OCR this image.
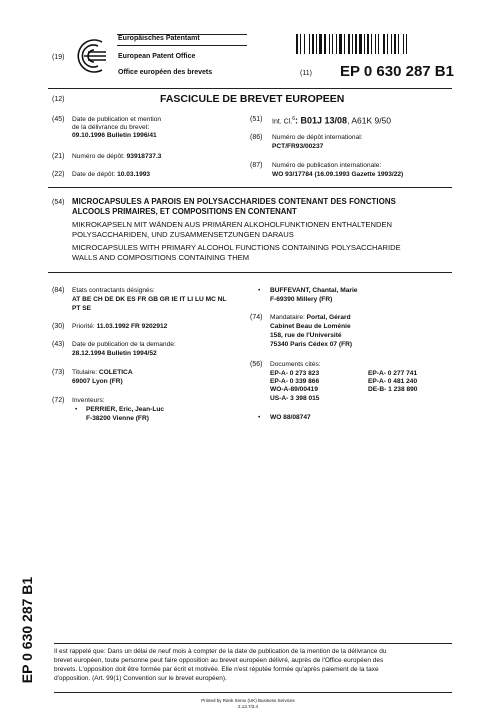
(19)
Europäisches Patentamt
European Patent Office
Office européen des brevets	(11) EP 0 630 287 B1
(12)	FASCICULE DE BREVET EUROPEEN
(45) Date de publication et mention
de la délivrance du brevet:
09.10.1996 Bulletin 1996/41
(21) Numéro de dépôt: 93918737.3
(22) Date de dépôt: 10.03.1993
(51) Int. Cl.$^6$: B01J 13/08, A61K 9/50
(86) Numéro de dépôt international:
PCT/FR93/00237
(87) Numéro de publication internationale:
WO 93/17784 (16.09.1993 Gazette 1993/22)
(54) MICROCAPSULES A PAROIS EN POLYSACCHARIDES CONTENANT DES FONCTIONS
ALCOOLS PRIMAIRES, ET COMPOSITIONS EN CONTENANT
MIKROKAPSELN MIT WÄNDEN AUS PRIMÄREN ALKOHOLFUNKTIONEN ENTHALTENDEN
POLYSACCHARIDEN, UND ZUSAMMENSETZUNGEN DARAUS
MICROCAPSULES WITH PRIMARY ALCOHOL FUNCTIONS CONTAINING POLYSACCHARIDE
WALLS AND COMPOSITIONS CONTAINING THEM
(84) Etats contractants désignés:
AT BE CH DE DK ES FR GB GR IE IT LI LU MC NL
PT SE
(30) Priorité: 11.03.1992 FR 9202912
(43) Date de publication de la demande:
28.12.1994 Bulletin 1994/52
(73) Titulaire: COLETICA
69007 Lyon (FR)
(72) Inventeurs:
• PERRIER, Eric, Jean-Luc
F-38200 Vienne (FR)
• BUFFEVANT, Chantal, Marie
F-69390 Millery (FR)
(74) Mandataire: Portal, Gérard
Cabinet Beau de Loménie
158, rue de l'Université
75340 Paris Cédex 07 (FR)
(56) Documents cités:
EP-A- 0 273 823	EP-A- 0 277 741
EP-A- 0 339 866	EP-A- 0 481 240
WO-A-89/00419	DE-B- 1 238 890
US-A- 3 398 015
• WO 88/08747
EP 0 630 287 B1	Il est rappelé que: Dans un délai de neuf mois à compter de la date de publication de la mention de la délivrance du
brevet européen, toute personne peut faire opposition au brevet européen délivré, auprès de l'Office européen des
brevets. L'opposition doit être formée par écrit et motivée. Elle n'est réputée formée qu'après paiement de la taxe
d'opposition. (Art. 99(1) Convention sur le brevet européen).
Printed by Rank Xerox (UK) Business Services
2.13.7/3.4
